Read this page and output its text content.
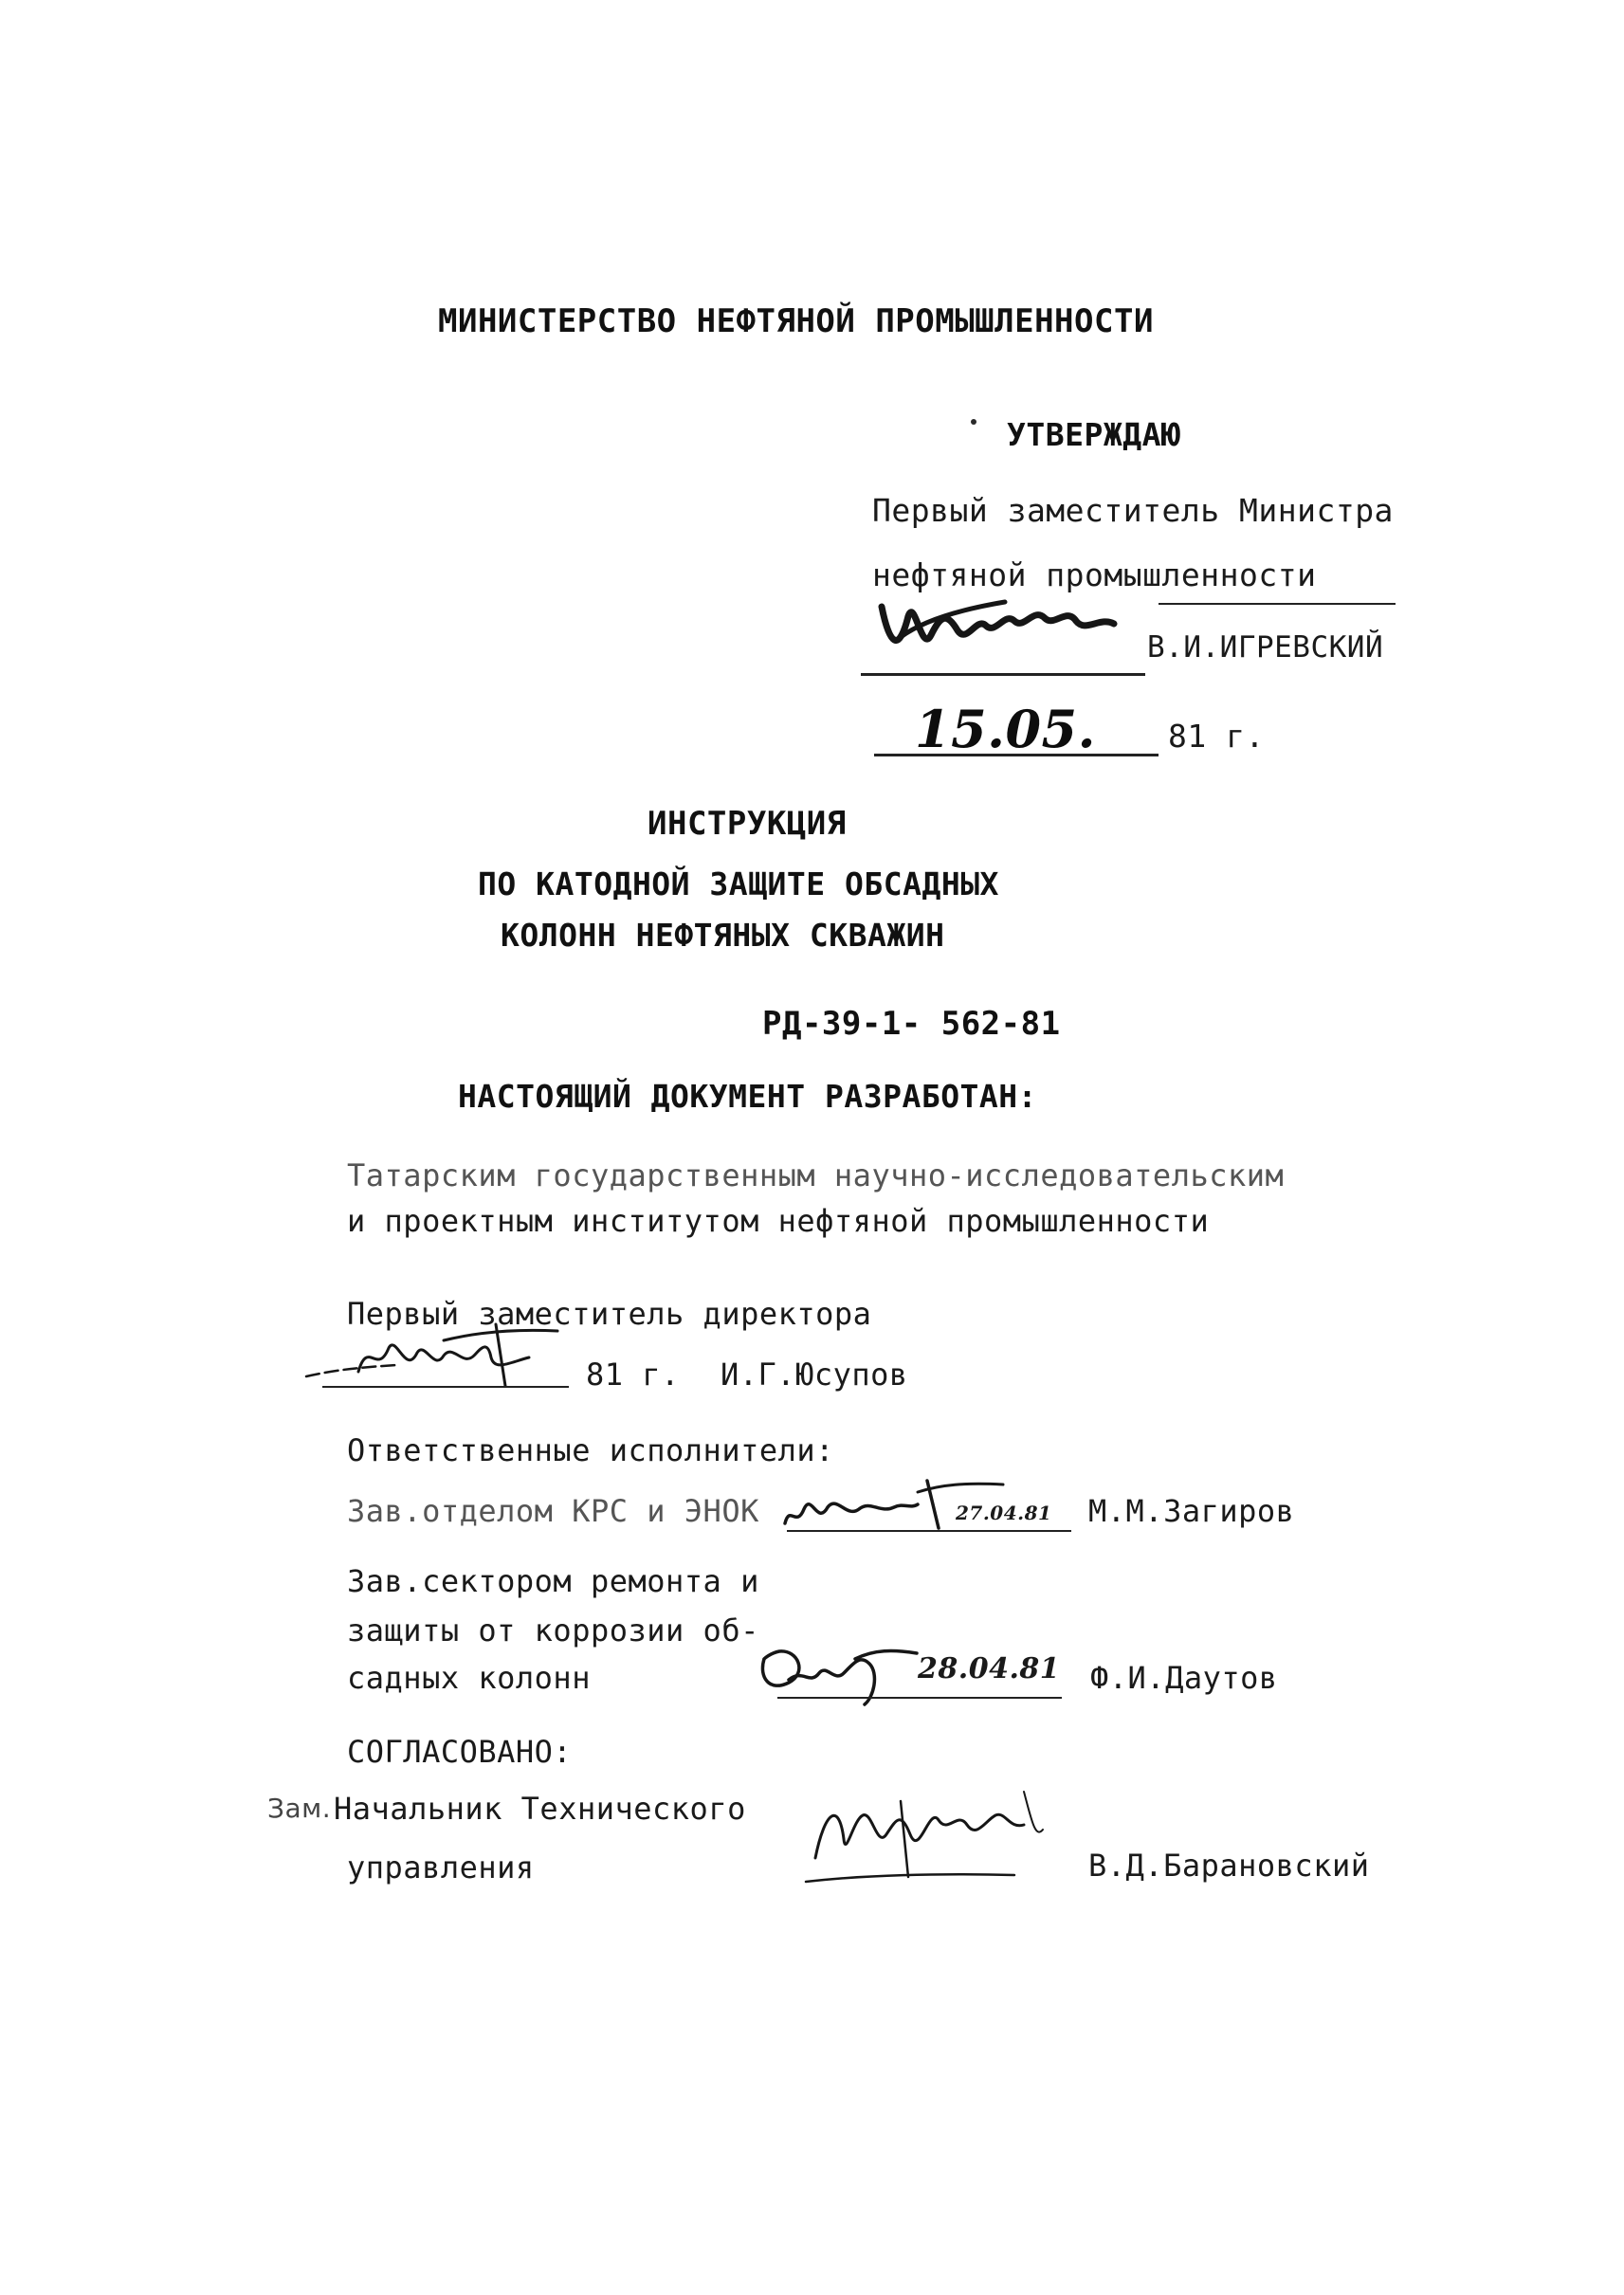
МИНИСТЕРСТВО НЕФТЯНОЙ ПРОМЫШЛЕННОСТИ
УТВЕРЖДАЮ
Первый заместитель Министра
нефтяной промышленности
В.И.ИГРЕВСКИЙ
15.05. 81 г.
ИНСТРУКЦИЯ
ПО КАТОДНОЙ ЗАЩИТЕ ОБСАДНЫХ
КОЛОНН НЕФТЯНЫХ СКВАЖИН
РД-39-1- 562-81
НАСТОЯЩИЙ ДОКУМЕНТ РАЗРАБОТАН:
Татарским государственным научно-исследовательским
и проектным институтом нефтяной промышленности
Первый заместитель директора
81 г. И.Г.Юсупов
Ответственные исполнители:
Зав.отделом КРС и ЭНОК	27.04.81 М.М.Загиров
Зав.сектором ремонта и
защиты от коррозии об-
садных колонн	28.04.81 Ф.И.Даутов
СОГЛАСОВАНО:
Зам. Начальник Технического
управления	В.Д.Барановский
